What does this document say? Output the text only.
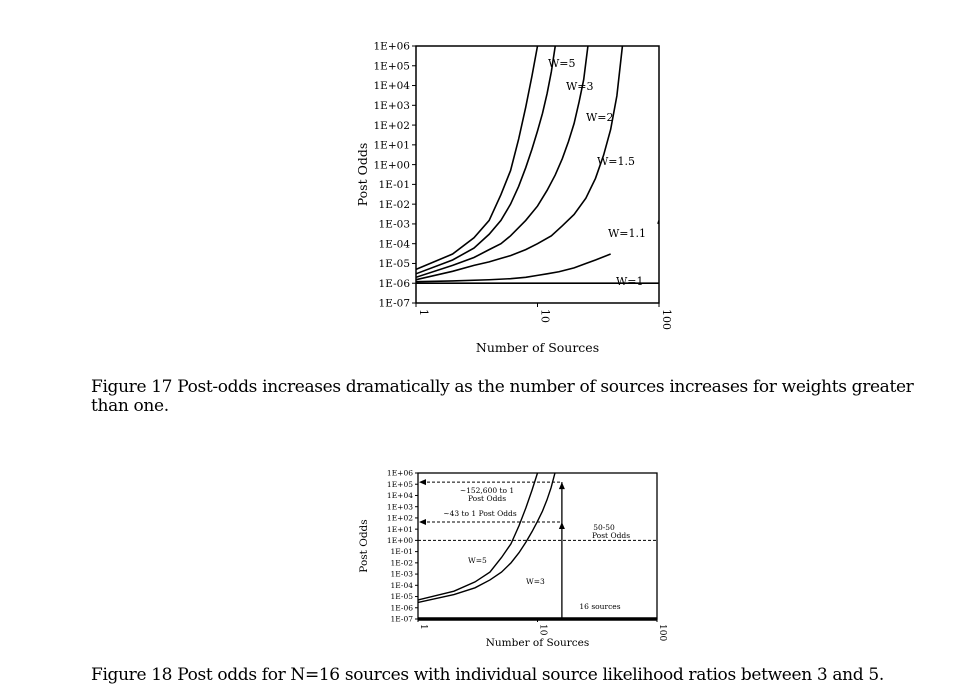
1E-07
1E-06
1E-05
1E-04
1E-03
1E-02
1E-01
1E+00
1E+01
1E+02
1E+03
1E+04
1E+05
1E+06
1	10	100
Number of Sources
Post Odds
W=5
W=3
W=2
W=1.5
W=1.1
W=1
1E-07
1E-06
1E-05
1E-04
1E-03
1E-02
1E-01
1E+00
1E+01
1E+02
1E+03
1E+04
1E+05
1E+06
1	10	100
Number of Sources
Post Odds
~152,600 to 1
Post Odds
~43 to 1 Post Odds
50-50
Post Odds
16 sources
W=5
W=3
Figure 17 Post-odds increases dramatically as the number of sources increases for weights greater than one.
Figure 18 Post odds for N=16 sources with individual source likelihood ratios between 3 and 5.
